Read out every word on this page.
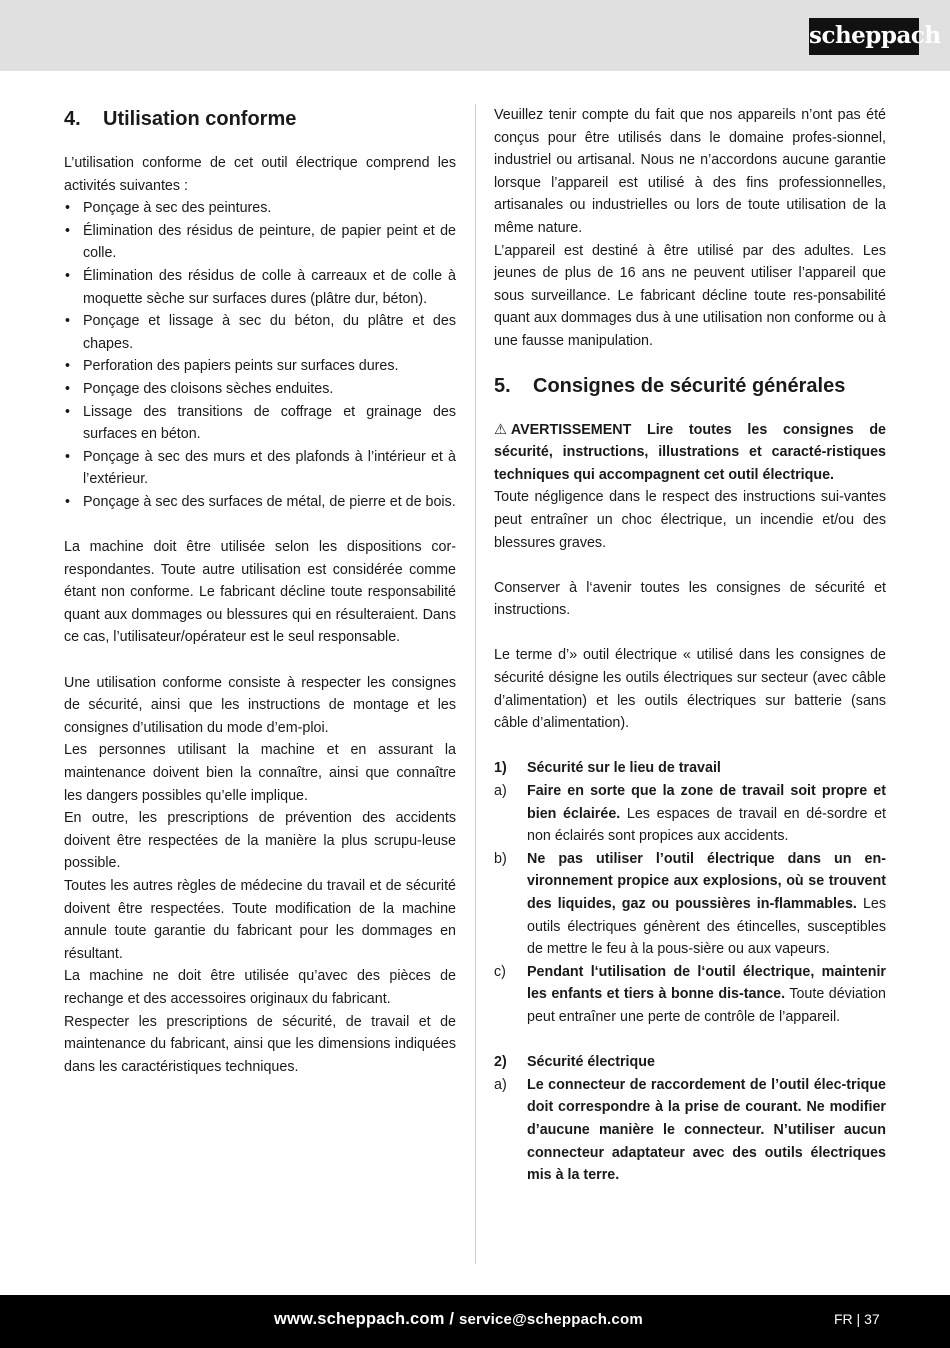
scheppach
4.	Utilisation conforme

L’utilisation conforme de cet outil électrique comprend les activités suivantes :

• Ponçage à sec des peintures.
• Élimination des résidus de peinture, de papier peint et de colle.
• Élimination des résidus de colle à carreaux et de colle à moquette sèche sur surfaces dures (plâtre dur, béton).
• Ponçage et lissage à sec du béton, du plâtre et des chapes.
• Perforation des papiers peints sur surfaces dures.
• Ponçage des cloisons sèches enduites.
• Lissage des transitions de coffrage et grainage des surfaces en béton.
• Ponçage à sec des murs et des plafonds à l’intérieur et à l’extérieur.
• Ponçage à sec des surfaces de métal, de pierre et de bois.

La machine doit être utilisée selon les dispositions cor-respondantes. Toute autre utilisation est considérée comme étant non conforme. Le fabricant décline toute responsabilité quant aux dommages ou blessures qui en résulteraient. Dans ce cas, l’utilisateur/opérateur est le seul responsable.

Une utilisation conforme consiste à respecter les consignes de sécurité, ainsi que les instructions de montage et les consignes d’utilisation du mode d’em-ploi.

Les personnes utilisant la machine et en assurant la maintenance doivent bien la connaître, ainsi que connaître les dangers possibles qu’elle implique.

En outre, les prescriptions de prévention des accidents doivent être respectées de la manière la plus scrupu-leuse possible.

Toutes les autres règles de médecine du travail et de sécurité doivent être respectées. Toute modification de la machine annule toute garantie du fabricant pour les dommages en résultant.

La machine ne doit être utilisée qu’avec des pièces de rechange et des accessoires originaux du fabricant.

Respecter les prescriptions de sécurité, de travail et de maintenance du fabricant, ainsi que les dimensions indiquées dans les caractéristiques techniques.

Veuillez tenir compte du fait que nos appareils n’ont pas été conçus pour être utilisés dans le domaine profes-sionnel, industriel ou artisanal. Nous ne n’accordons aucune garantie lorsque l’appareil est utilisé à des fins professionnelles, artisanales ou industrielles ou lors de toute utilisation de la même nature.

L’appareil est destiné à être utilisé par des adultes. Les jeunes de plus de 16 ans ne peuvent utiliser l’appareil que sous surveillance. Le fabricant décline toute res-ponsabilité quant aux dommages dus à une utilisation non conforme ou à une fausse manipulation.

5.	Consignes de sécurité générales

⚠ AVERTISSEMENT Lire toutes les consignes de sécurité, instructions, illustrations et caracté-ristiques techniques qui accompagnent cet outil électrique.

Toute négligence dans le respect des instructions sui-vantes peut entraîner un choc électrique, un incendie et/ou des blessures graves.

Conserver à l‘avenir toutes les consignes de sécurité et instructions.

Le terme d’» outil électrique « utilisé dans les consignes de sécurité désigne les outils électriques sur secteur (avec câble d’alimentation) et les outils électriques sur batterie (sans câble d’alimentation).

1)	Sécurité sur le lieu de travail
a)	Faire en sorte que la zone de travail soit propre et bien éclairée. Les espaces de travail en dé-sordre et non éclairés sont propices aux accidents.
b)	Ne pas utiliser l’outil électrique dans un en-vironnement propice aux explosions, où se trouvent des liquides, gaz ou poussières in-flammables. Les outils électriques génèrent des étincelles, susceptibles de mettre le feu à la pous-sière ou aux vapeurs.
c)	Pendant l‘utilisation de l‘outil électrique, maintenir les enfants et tiers à bonne dis-tance. Toute déviation peut entraîner une perte de contrôle de l’appareil.
2)	Sécurité électrique
a)	Le connecteur de raccordement de l’outil élec-trique doit correspondre à la prise de courant. Ne modifier d’aucune manière le connecteur. N’utiliser aucun connecteur adaptateur avec des outils électriques mis à la terre.
www.scheppach.com / service@scheppach.com	FR | 37
